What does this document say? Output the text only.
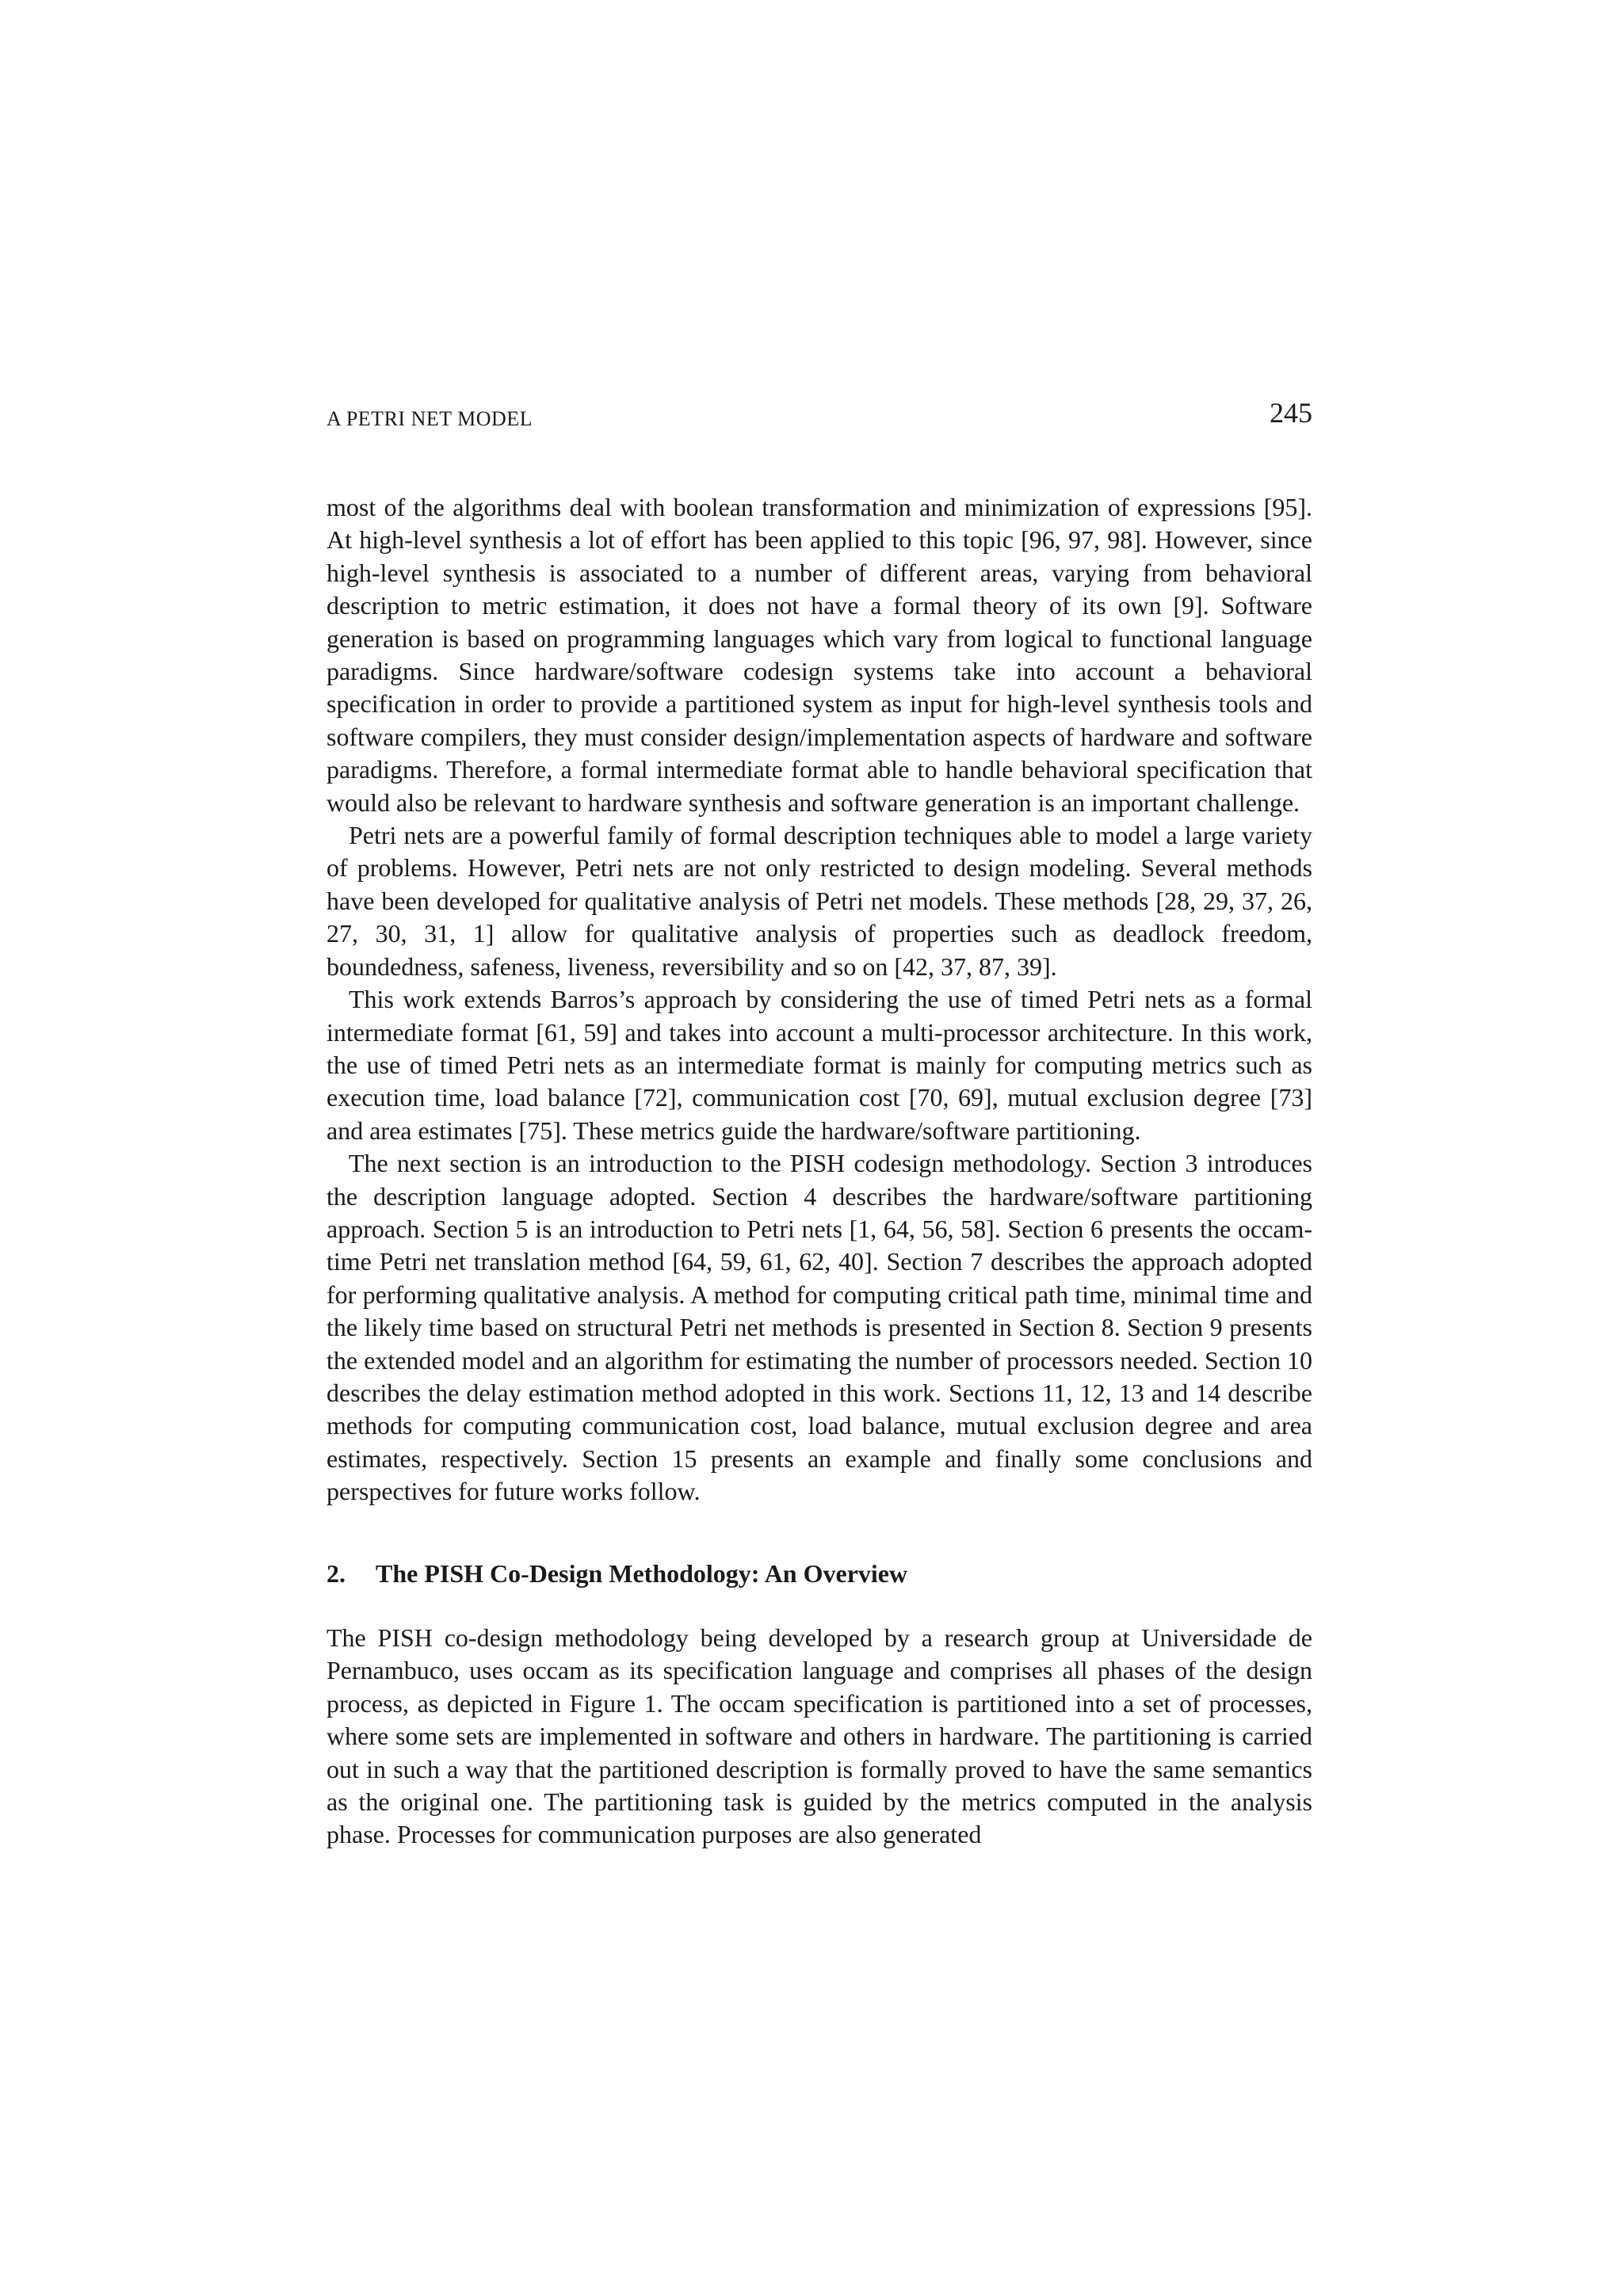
A PETRI NET MODEL	245

most of the algorithms deal with boolean transformation and minimization of expressions [95]. At high-level synthesis a lot of effort has been applied to this topic [96, 97, 98]. However, since high-level synthesis is associated to a number of different areas, varying from behavioral description to metric estimation, it does not have a formal theory of its own [9]. Software generation is based on programming languages which vary from logical to functional language paradigms. Since hardware/software codesign systems take into account a behavioral specification in order to provide a partitioned system as input for high-level synthesis tools and software compilers, they must consider design/implementation aspects of hardware and software paradigms. Therefore, a formal intermediate format able to handle behavioral specification that would also be relevant to hardware synthesis and software generation is an important challenge.

Petri nets are a powerful family of formal description techniques able to model a large variety of problems. However, Petri nets are not only restricted to design modeling. Several methods have been developed for qualitative analysis of Petri net models. These methods [28, 29, 37, 26, 27, 30, 31, 1] allow for qualitative analysis of properties such as deadlock freedom, boundedness, safeness, liveness, reversibility and so on [42, 37, 87, 39].

This work extends Barros’s approach by considering the use of timed Petri nets as a formal intermediate format [61, 59] and takes into account a multi-processor architecture. In this work, the use of timed Petri nets as an intermediate format is mainly for computing metrics such as execution time, load balance [72], communication cost [70, 69], mutual exclusion degree [73] and area estimates [75]. These metrics guide the hardware/software partitioning.

The next section is an introduction to the PISH codesign methodology. Section 3 introduces the description language adopted. Section 4 describes the hardware/software partitioning approach. Section 5 is an introduction to Petri nets [1, 64, 56, 58]. Section 6 presents the occam-time Petri net translation method [64, 59, 61, 62, 40]. Section 7 describes the approach adopted for performing qualitative analysis. A method for computing critical path time, minimal time and the likely time based on structural Petri net methods is presented in Section 8. Section 9 presents the extended model and an algorithm for estimating the number of processors needed. Section 10 describes the delay estimation method adopted in this work. Sections 11, 12, 13 and 14 describe methods for computing communication cost, load balance, mutual exclusion degree and area estimates, respectively. Section 15 presents an example and finally some conclusions and perspectives for future works follow.

2. The PISH Co-Design Methodology: An Overview

The PISH co-design methodology being developed by a research group at Universidade de Pernambuco, uses occam as its specification language and comprises all phases of the design process, as depicted in Figure 1. The occam specification is partitioned into a set of processes, where some sets are implemented in software and others in hardware. The partitioning is carried out in such a way that the partitioned description is formally proved to have the same semantics as the original one. The partitioning task is guided by the metrics computed in the analysis phase. Processes for communication purposes are also generated
